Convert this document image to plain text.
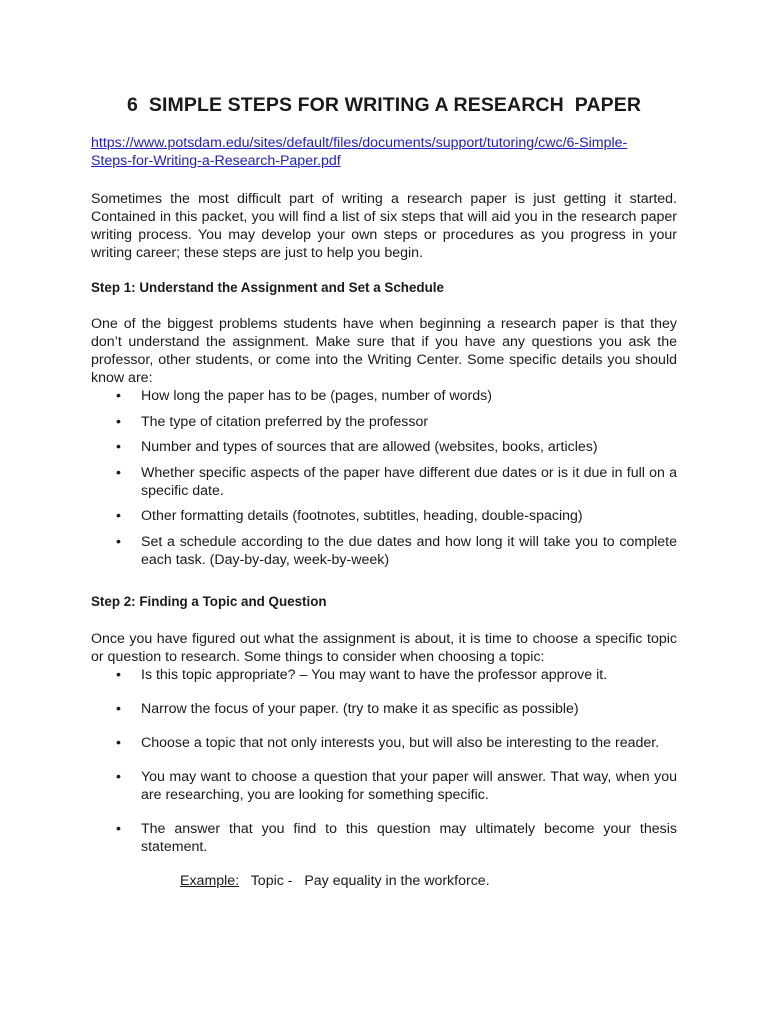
6  SIMPLE STEPS FOR WRITING A RESEARCH  PAPER
https://www.potsdam.edu/sites/default/files/documents/support/tutoring/cwc/6-Simple-
Steps-for-Writing-a-Research-Paper.pdf

Sometimes the most difficult part of writing a research paper is just getting it started. Contained in this packet, you will find a list of six steps that will aid you in the research paper writing process. You may develop your own steps or procedures as you progress in your writing career; these steps are just to help you begin.

Step 1: Understand the Assignment and Set a Schedule

One of the biggest problems students have when beginning a research paper is that they don’t understand the assignment. Make sure that if you have any questions you ask the professor, other students, or come into the Writing Center. Some specific details you should know are:

• How long the paper has to be (pages, number of words)
• The type of citation preferred by the professor
• Number and types of sources that are allowed (websites, books, articles)
• Whether specific aspects of the paper have different due dates or is it due in full on a specific date.
• Other formatting details (footnotes, subtitles, heading, double-spacing)
• Set a schedule according to the due dates and how long it will take you to complete each task. (Day-by-day, week-by-week)
Step 2: Finding a Topic and Question

Once you have figured out what the assignment is about, it is time to choose a specific topic or question to research. Some things to consider when choosing a topic:

• Is this topic appropriate? – You may want to have the professor approve it.
• Narrow the focus of your paper. (try to make it as specific as possible)
• Choose a topic that not only interests you, but will also be interesting to the reader.
• You may want to choose a question that your paper will answer. That way, when you are researching, you are looking for something specific.
• The answer that you find to this question may ultimately become your thesis statement.
Example:   Topic -   Pay equality in the workforce.
